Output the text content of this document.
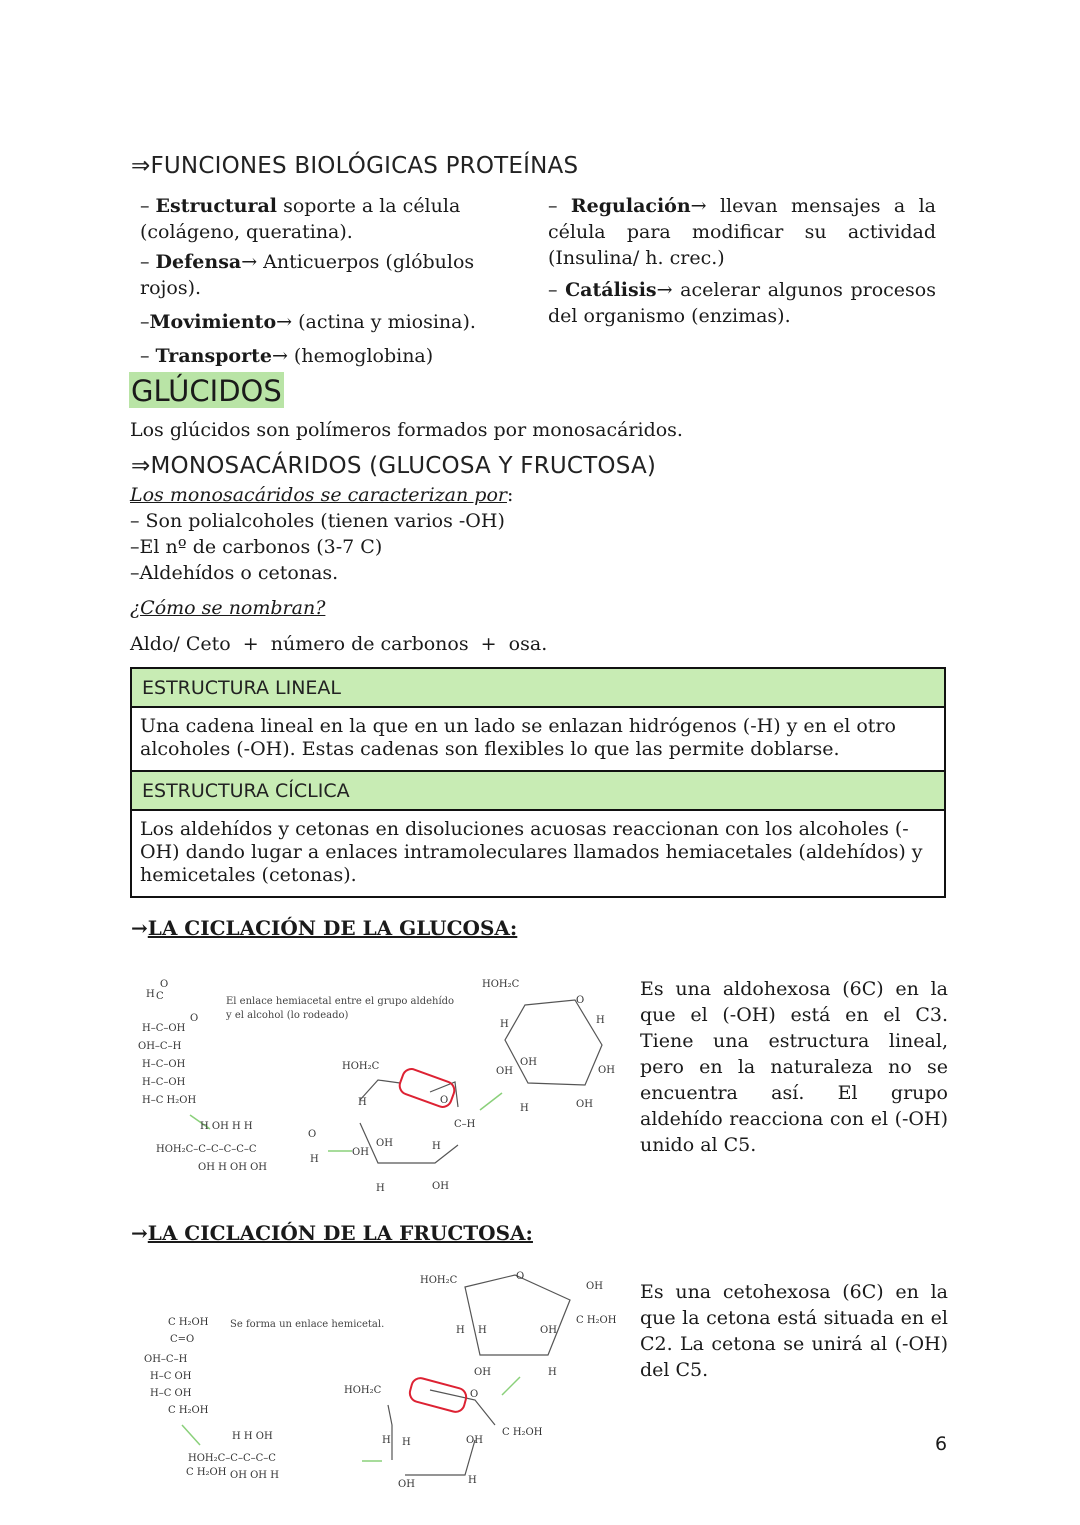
⇒FUNCIONES BIOLÓGICAS PROTEÍNAS
– Estructural soporte a la célula (colágeno, queratina).
– Defensa→ Anticuerpos (glóbulos rojos).
–Movimiento→ (actina y miosina).
– Transporte→ (hemoglobina)
– Regulación→ llevan mensajes a la célula para modificar su actividad (Insulina/ h. crec.)
– Catálisis→ acelerar algunos procesos del organismo (enzimas).
GLÚCIDOS
Los glúcidos son polímeros formados por monosacáridos.
⇒MONOSACÁRIDOS (GLUCOSA Y FRUCTOSA)
Los monosacáridos se caracterizan por:
– Son polialcoholes (tienen varios -OH)
–El nº de carbonos (3-7 C)
–Aldehídos o cetonas.
¿Cómo se nombran?
Aldo/ Ceto  +  número de carbonos  +  osa.
ESTRUCTURA LINEAL
Una cadena lineal en la que en un lado se enlazan hidrógenos (-H) y en el otro alcoholes (-OH). Estas cadenas son flexibles lo que las permite doblarse.
ESTRUCTURA CÍCLICA
Los aldehídos y cetonas en disoluciones acuosas reaccionan con los alcoholes (-OH) dando lugar a enlaces intramoleculares llamados hemiacetales (aldehídos) y hemicetales (cetonas).
→LA CICLACIÓN DE LA GLUCOSA:
H C
O
O
H–C–OH
OH–C–H
H–C–OH
H–C–OH
H–C H₂OH
El enlace hemiacetal entre el grupo aldehído y el alcohol (lo rodeado)
H OH H H
HOH₂C–C–C–C–C–C
OH H OH OH
O
H
HOH₂C
H
OH
OH
H
H
OH
O
C–H
HOH₂C
O
H	H
OH
OH	OH
H	OH
Es una aldohexosa (6C) en la que el (-OH) está en el C3. Tiene una estructura lineal, pero en la naturaleza no se encuentra así. El grupo aldehído reacciona con el (-OH) unido al C5.
→LA CICLACIÓN DE LA FRUCTOSA:
C H₂OH
C=O
OH–C–H
H–C OH
H–C OH
C H₂OH
Se forma un enlace hemicetal.
H H OH
HOH₂C–C–C–C–C
C H₂OH OH OH H
HOH₂C
H H
OH
OH
H
C H₂OH
O
HOH₂C	O
OH
C H₂OH
H H	OH
OH	H
Es una cetohexosa (6C) en la que la cetona está situada en el C2. La cetona se unirá al (-OH) del C5.
6
